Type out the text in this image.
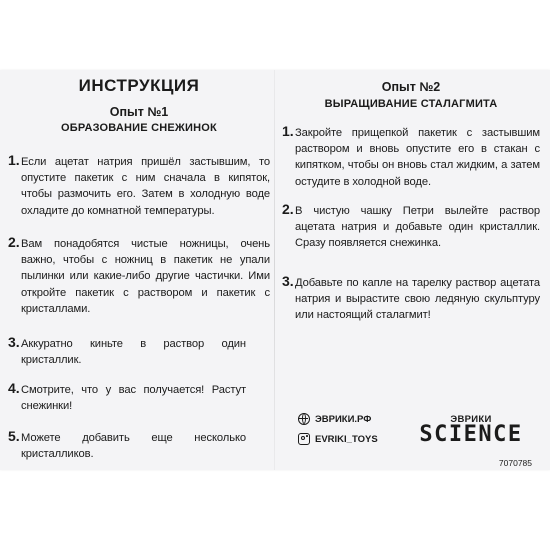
ИНСТРУКЦИЯ
Опыт №1
ОБРАЗОВАНИЕ СНЕЖИНОК
1. Если ацетат натрия пришёл застывшим, то опустите пакетик с ним сначала в кипяток, чтобы размочить его. Затем в холодную воде охладите до комнатной температуры.
2. Вам понадобятся чистые ножницы, очень важно, чтобы с ножниц в пакетик не упали пылинки или какие-либо другие частички. Ими откройте пакетик с раствором и пакетик с кристаллами.
3. Аккуратно киньте в раствор один кристаллик.
4. Смотрите, что у вас получается! Растут снежинки!
5. Можете добавить еще несколько кристалликов.
Опыт №2
ВЫРАЩИВАНИЕ СТАЛАГМИТА
1. Закройте прищепкой пакетик с застывшим раствором и вновь опустите его в стакан с кипятком, чтобы он вновь стал жидким, а затем остудите в холодной воде.
2. В чистую чашку Петри вылейте раствор ацетата натрия и добавьте один кристаллик. Сразу появляется снежинка.
3. Добавьте по капле на тарелку раствор ацетата натрия и вырастите свою ледяную скульптуру или настоящий сталагмит!
ЭВРИКИ.РФ
EVRIKI_TOYS
ЭВРИКИ
SCIENCE
7070785
